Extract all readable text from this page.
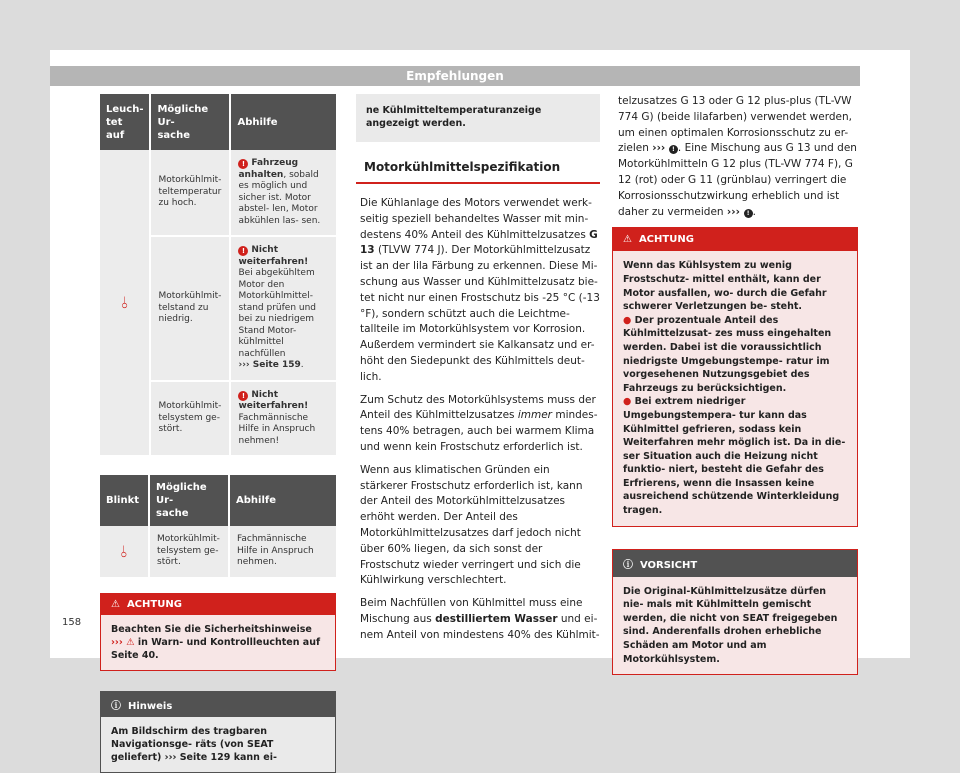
Empfehlungen
Leuch-
tet auf	Mögliche Ur-
sache	Abhilfe
⫰	Motorkühlmit-
teltemperatur
zu hoch.	! Fahrzeug anhalten, sobald es möglich und sicher ist. Motor abstel- len, Motor abkühlen las- sen.
	Motorkühlmit-
telstand zu
niedrig.	! Nicht weiterfahren!
Bei abgekühltem Motor den Motorkühlmittel- stand prüfen und bei zu niedrigem Stand Motor- kühlmittel nachfüllen
››› Seite 159.
	Motorkühlmit-
telsystem ge-
stört.	! Nicht weiterfahren!
Fachmännische Hilfe in Anspruch nehmen!
Blinkt	Mögliche Ur-
sache	Abhilfe
⫰	Motorkühlmit-
telsystem ge-
stört.	Fachmännische Hilfe in Anspruch nehmen.
⚠ ACHTUNG
Beachten Sie die Sicherheitshinweise ››› ⚠ in Warn- und Kontrollleuchten auf Seite 40.
ⓘ Hinweis
Am Bildschirm des tragbaren Navigationsge- räts (von SEAT geliefert) ››› Seite 129 kann ei-
ne Kühlmitteltemperaturanzeige angezeigt werden.
Motorkühlmittelspezifikation

Die Kühlanlage des Motors verwendet werk- seitig speziell behandeltes Wasser mit min- destens 40% Anteil des Kühlmittelzusatzes G 13 (TLVW 774 J). Der Motorkühlmittelzusatz ist an der lila Färbung zu erkennen. Diese Mi- schung aus Wasser und Kühlmittelzusatz bie- tet nicht nur einen Frostschutz bis -25 °C (-13 °F), sondern schützt auch die Leichtme- tallteile im Motorkühlsystem vor Korrosion. Außerdem vermindert sie Kalkansatz und er- höht den Siedepunkt des Kühlmittels deut- lich.

Zum Schutz des Motorkühlsystems muss der Anteil des Kühlmittelzusatzes immer mindes- tens 40% betragen, auch bei warmem Klima und wenn kein Frostschutz erforderlich ist.

Wenn aus klimatischen Gründen ein stärkerer Frostschutz erforderlich ist, kann der Anteil des Motorkühlmittelzusatzes erhöht werden. Der Anteil des Motorkühlmittelzusatzes darf jedoch nicht über 60% liegen, da sich sonst der Frostschutz wieder verringert und sich die Kühlwirkung verschlechtert.

Beim Nachfüllen von Kühlmittel muss eine Mischung aus destilliertem Wasser und ei- nem Anteil von mindestens 40% des Kühlmit-

telzusatzes G 13 oder G 12 plus-plus (TL-VW 774 G) (beide lilafarben) verwendet werden, um einen optimalen Korrosionsschutz zu er- zielen ››› ! . Eine Mischung aus G 13 und den Motorkühlmitteln G 12 plus (TL-VW 774 F), G 12 (rot) oder G 11 (grünblau) verringert die Korrosionsschutzwirkung erheblich und ist daher zu vermeiden ››› ! .

⚠ ACHTUNG
Wenn das Kühlsystem zu wenig Frostschutz- mittel enthält, kann der Motor ausfallen, wo- durch die Gefahr schwerer Verletzungen be- steht.
● Der prozentuale Anteil des Kühlmittelzusat- zes muss eingehalten werden. Dabei ist die voraussichtlich niedrigste Umgebungstempe- ratur im vorgesehenen Nutzungsgebiet des Fahrzeugs zu berücksichtigen.
● Bei extrem niedriger Umgebungstempera- tur kann das Kühlmittel gefrieren, sodass kein Weiterfahren mehr möglich ist. Da in die- ser Situation auch die Heizung nicht funktio- niert, besteht die Gefahr des Erfrierens, wenn die Insassen keine ausreichend schützende Winterkleidung tragen.
ⓘ VORSICHT
Die Original-Kühlmittelzusätze dürfen nie- mals mit Kühlmitteln gemischt werden, die nicht von SEAT freigegeben sind. Anderenfalls drohen erhebliche Schäden am Motor und am Motorkühlsystem.
158
